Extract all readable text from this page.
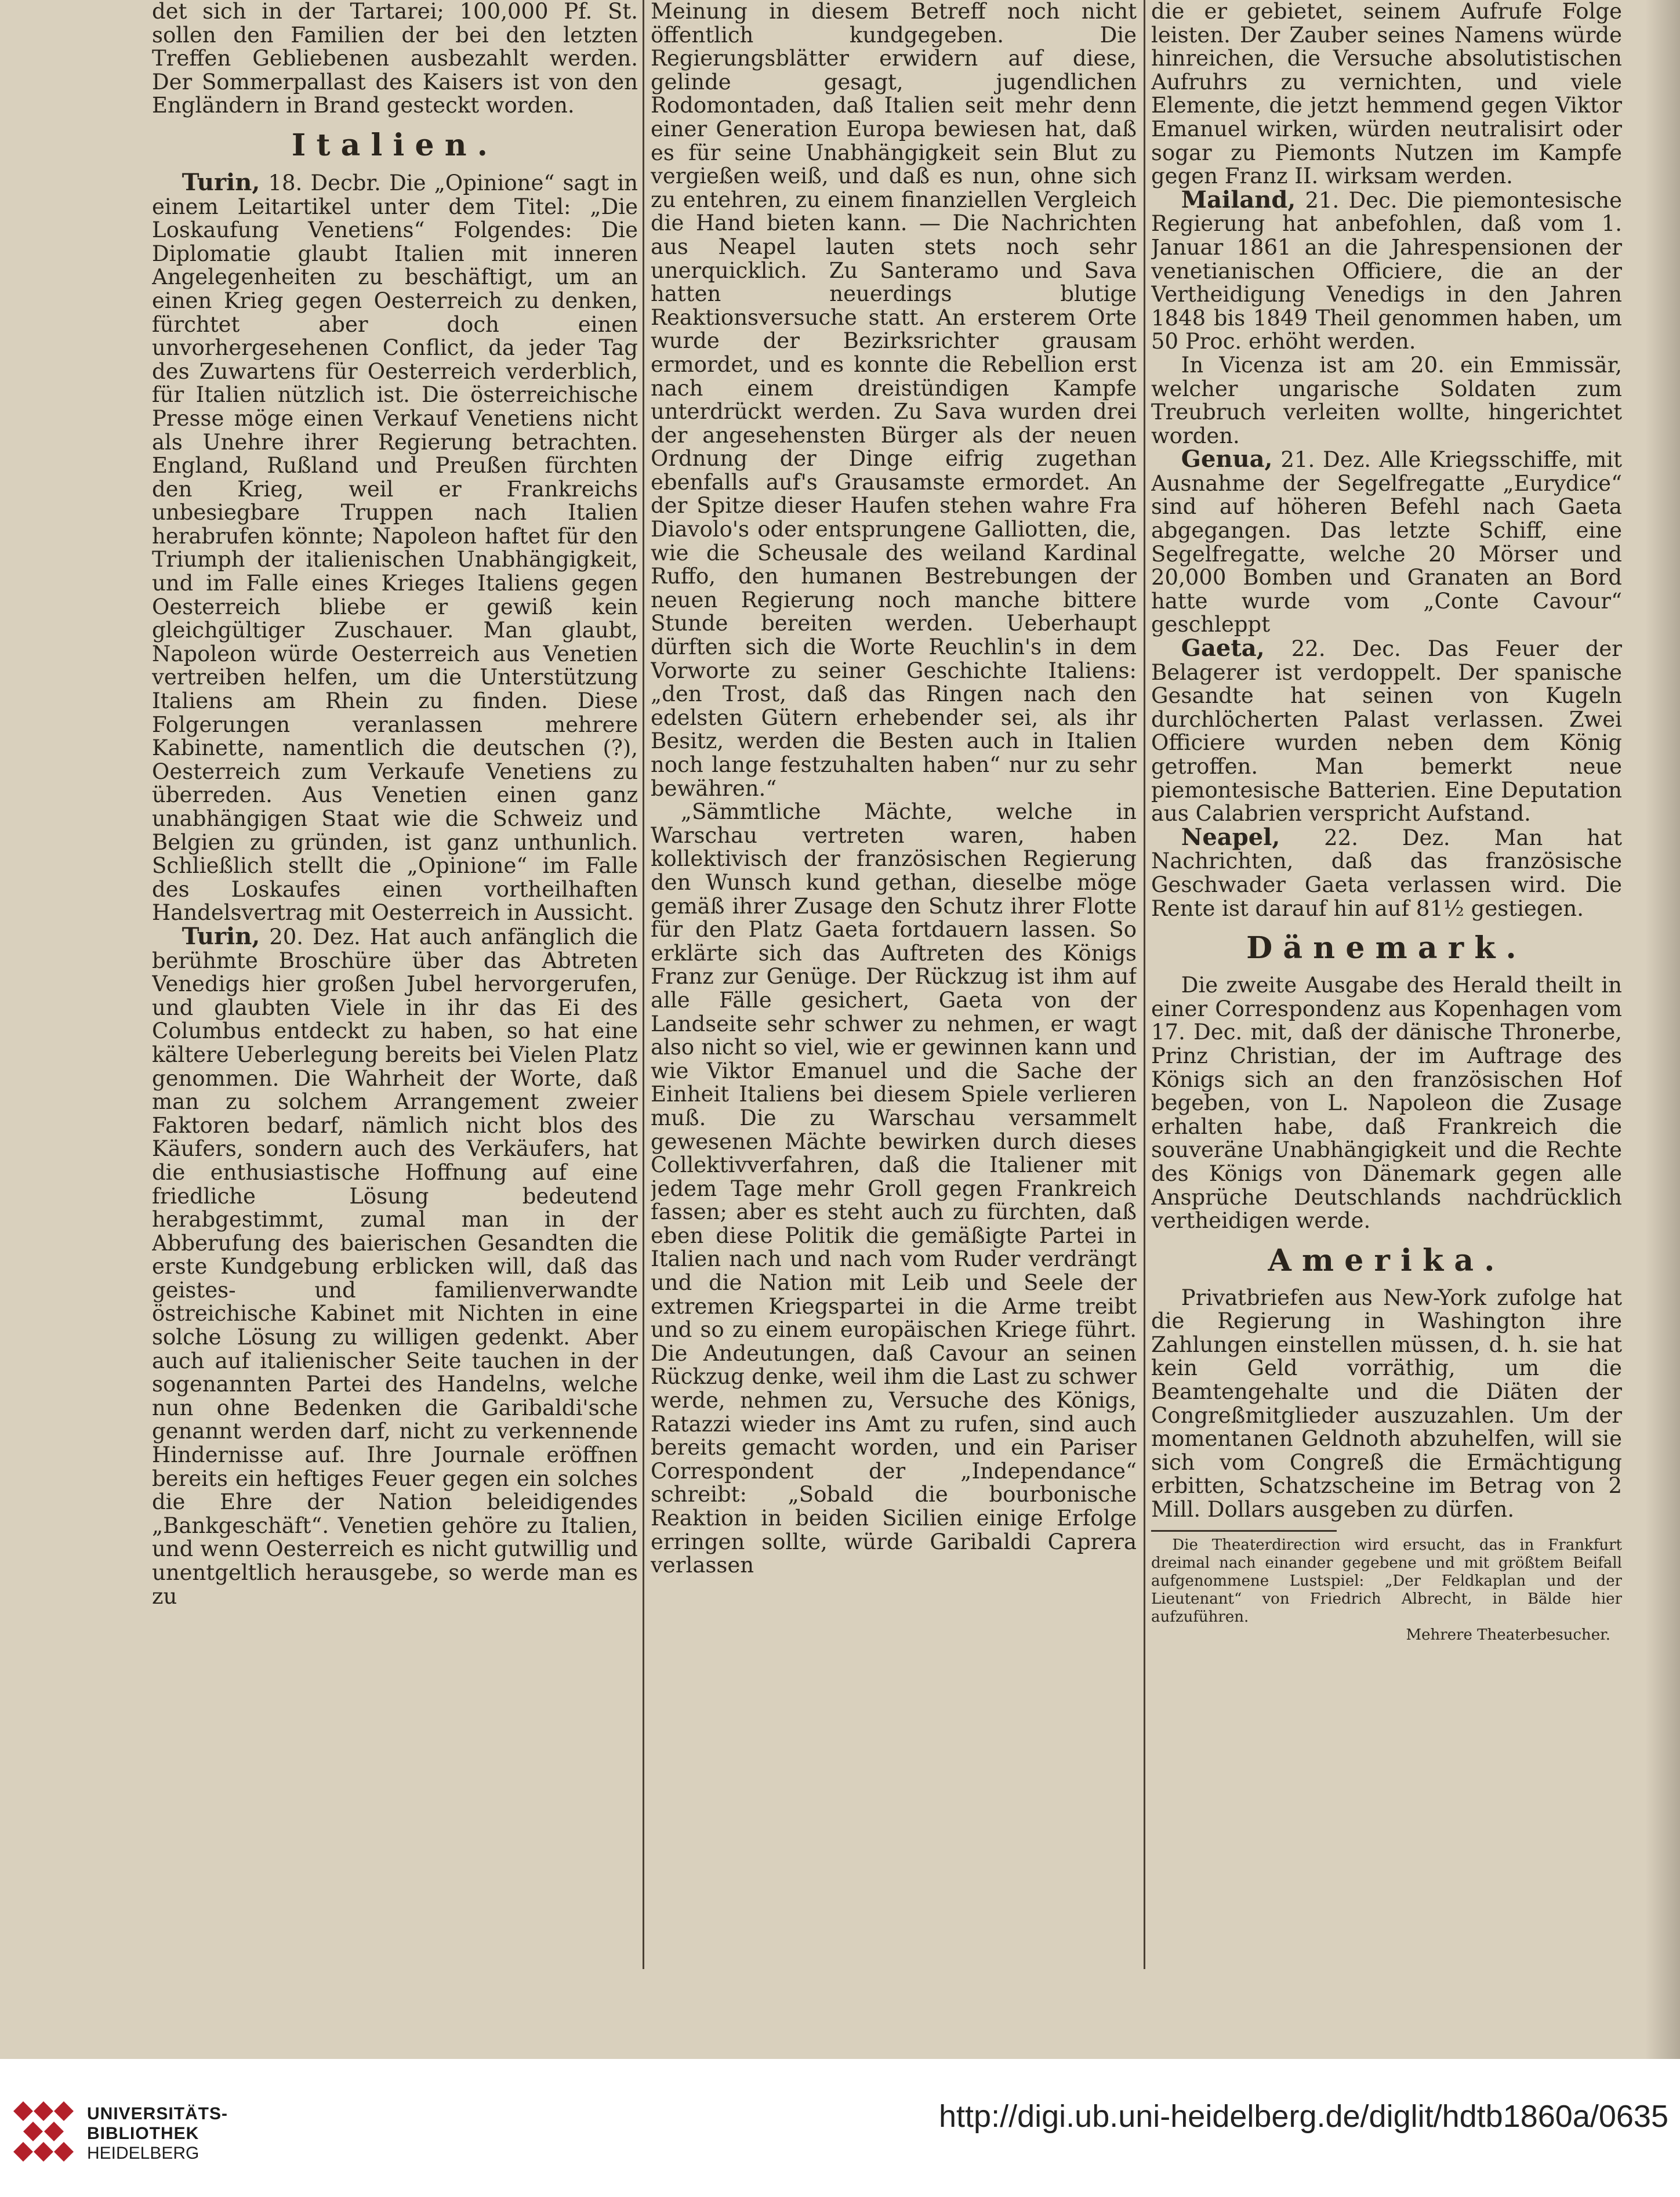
det sich in der Tartarei; 100,000 Pf. St. sollen den Familien der bei den letzten Treffen Gebliebenen ausbezahlt werden. Der Sommerpallast des Kaisers ist von den Engländern in Brand gesteckt worden.

Italien.

Turin, 18. Decbr. Die „Opinione“ sagt in einem Leitartikel unter dem Titel: „Die Loskaufung Venetiens“ Folgendes: Die Diplomatie glaubt Italien mit inneren Angelegenheiten zu beschäftigt, um an einen Krieg gegen Oesterreich zu denken, fürchtet aber doch einen unvorhergesehenen Conflict, da jeder Tag des Zuwartens für Oesterreich verderblich, für Italien nützlich ist. Die österreichische Presse möge einen Verkauf Venetiens nicht als Unehre ihrer Regierung betrachten. England, Rußland und Preußen fürchten den Krieg, weil er Frankreichs unbesiegbare Truppen nach Italien herabrufen könnte; Napoleon haftet für den Triumph der italienischen Unabhängigkeit, und im Falle eines Krieges Italiens gegen Oesterreich bliebe er gewiß kein gleichgültiger Zuschauer. Man glaubt, Napoleon würde Oesterreich aus Venetien vertreiben helfen, um die Unterstützung Italiens am Rhein zu finden. Diese Folgerungen veranlassen mehrere Kabinette, namentlich die deutschen (?), Oesterreich zum Verkaufe Venetiens zu überreden. Aus Venetien einen ganz unabhängigen Staat wie die Schweiz und Belgien zu gründen, ist ganz unthunlich. Schließlich stellt die „Opinione“ im Falle des Loskaufes einen vortheilhaften Handelsvertrag mit Oesterreich in Aussicht.

Turin, 20. Dez. Hat auch anfänglich die berühmte Broschüre über das Abtreten Venedigs hier großen Jubel hervorgerufen, und glaubten Viele in ihr das Ei des Columbus entdeckt zu haben, so hat eine kältere Ueberlegung bereits bei Vielen Platz genommen. Die Wahrheit der Worte, daß man zu solchem Arrangement zweier Faktoren bedarf, nämlich nicht blos des Käufers, sondern auch des Verkäufers, hat die enthusiastische Hoffnung auf eine friedliche Lösung bedeutend herabgestimmt, zumal man in der Abberufung des baierischen Gesandten die erste Kundgebung erblicken will, daß das geistes- und familienverwandte östreichische Kabinet mit Nichten in eine solche Lösung zu willigen gedenkt. Aber auch auf italienischer Seite tauchen in der sogenannten Partei des Handelns, welche nun ohne Bedenken die Garibaldi'sche genannt werden darf, nicht zu verkennende Hindernisse auf. Ihre Journale eröffnen bereits ein heftiges Feuer gegen ein solches die Ehre der Nation beleidigendes „Bankgeschäft“. Venetien gehöre zu Italien, und wenn Oesterreich es nicht gutwillig und unentgeltlich herausgebe, so werde man es zu

Meinung in diesem Betreff noch nicht öffentlich kundgegeben. Die Regierungsblätter erwidern auf diese, gelinde gesagt, jugendlichen Rodomontaden, daß Italien seit mehr denn einer Generation Europa bewiesen hat, daß es für seine Unabhängigkeit sein Blut zu vergießen weiß, und daß es nun, ohne sich zu entehren, zu einem finanziellen Vergleich die Hand bieten kann. — Die Nachrichten aus Neapel lauten stets noch sehr unerquicklich. Zu Santeramo und Sava hatten neuerdings blutige Reaktionsversuche statt. An ersterem Orte wurde der Bezirksrichter grausam ermordet, und es konnte die Rebellion erst nach einem dreistündigen Kampfe unterdrückt werden. Zu Sava wurden drei der angesehensten Bürger als der neuen Ordnung der Dinge eifrig zugethan ebenfalls auf's Grausamste ermordet. An der Spitze dieser Haufen stehen wahre Fra Diavolo's oder entsprungene Galliotten, die, wie die Scheusale des weiland Kardinal Ruffo, den humanen Bestrebungen der neuen Regierung noch manche bittere Stunde bereiten werden. Ueberhaupt dürften sich die Worte Reuchlin's in dem Vorworte zu seiner Geschichte Italiens: „den Trost, daß das Ringen nach den edelsten Gütern erhebender sei, als ihr Besitz, werden die Besten auch in Italien noch lange festzuhalten haben“ nur zu sehr bewähren.“

„Sämmtliche Mächte, welche in Warschau vertreten waren, haben kollektivisch der französischen Regierung den Wunsch kund gethan, dieselbe möge gemäß ihrer Zusage den Schutz ihrer Flotte für den Platz Gaeta fortdauern lassen. So erklärte sich das Auftreten des Königs Franz zur Genüge. Der Rückzug ist ihm auf alle Fälle gesichert, Gaeta von der Landseite sehr schwer zu nehmen, er wagt also nicht so viel, wie er gewinnen kann und wie Viktor Emanuel und die Sache der Einheit Italiens bei diesem Spiele verlieren muß. Die zu Warschau versammelt gewesenen Mächte bewirken durch dieses Collektivverfahren, daß die Italiener mit jedem Tage mehr Groll gegen Frankreich fassen; aber es steht auch zu fürchten, daß eben diese Politik die gemäßigte Partei in Italien nach und nach vom Ruder verdrängt und die Nation mit Leib und Seele der extremen Kriegspartei in die Arme treibt und so zu einem europäischen Kriege führt. Die Andeutungen, daß Cavour an seinen Rückzug denke, weil ihm die Last zu schwer werde, nehmen zu, Versuche des Königs, Ratazzi wieder ins Amt zu rufen, sind auch bereits gemacht worden, und ein Pariser Correspondent der „Independance“ schreibt: „Sobald die bourbonische Reaktion in beiden Sicilien einige Erfolge erringen sollte, würde Garibaldi Caprera verlassen

die er gebietet, seinem Aufrufe Folge leisten. Der Zauber seines Namens würde hinreichen, die Versuche absolutistischen Aufruhrs zu vernichten, und viele Elemente, die jetzt hemmend gegen Viktor Emanuel wirken, würden neutralisirt oder sogar zu Piemonts Nutzen im Kampfe gegen Franz II. wirksam werden.

Mailand, 21. Dec. Die piemontesische Regierung hat anbefohlen, daß vom 1. Januar 1861 an die Jahrespensionen der venetianischen Officiere, die an der Vertheidigung Venedigs in den Jahren 1848 bis 1849 Theil genommen haben, um 50 Proc. erhöht werden.

In Vicenza ist am 20. ein Emmissär, welcher ungarische Soldaten zum Treubruch verleiten wollte, hingerichtet worden.

Genua, 21. Dez. Alle Kriegsschiffe, mit Ausnahme der Segelfregatte „Eurydice“ sind auf höheren Befehl nach Gaeta abgegangen. Das letzte Schiff, eine Segelfregatte, welche 20 Mörser und 20,000 Bomben und Granaten an Bord hatte wurde vom „Conte Cavour“ geschleppt

Gaeta, 22. Dec. Das Feuer der Belagerer ist verdoppelt. Der spanische Gesandte hat seinen von Kugeln durchlöcherten Palast verlassen. Zwei Officiere wurden neben dem König getroffen. Man bemerkt neue piemontesische Batterien. Eine Deputation aus Calabrien verspricht Aufstand.

Neapel, 22. Dez. Man hat Nachrichten, daß das französische Geschwader Gaeta verlassen wird. Die Rente ist darauf hin auf 81½ gestiegen.

Dänemark.

Die zweite Ausgabe des Herald theilt in einer Correspondenz aus Kopenhagen vom 17. Dec. mit, daß der dänische Thronerbe, Prinz Christian, der im Auftrage des Königs sich an den französischen Hof begeben, von L. Napoleon die Zusage erhalten habe, daß Frankreich die souveräne Unabhängigkeit und die Rechte des Königs von Dänemark gegen alle Ansprüche Deutschlands nachdrücklich vertheidigen werde.

Amerika.

Privatbriefen aus New-York zufolge hat die Regierung in Washington ihre Zahlungen einstellen müssen, d. h. sie hat kein Geld vorräthig, um die Beamtengehalte und die Diäten der Congreßmitglieder auszuzahlen. Um der momentanen Geldnoth abzuhelfen, will sie sich vom Congreß die Ermächtigung erbitten, Schatzscheine im Betrag von 2 Mill. Dollars ausgeben zu dürfen.

Die Theaterdirection wird ersucht, das in Frankfurt dreimal nach einander gegebene und mit größtem Beifall aufgenommene Lustspiel: „Der Feldkaplan und der Lieutenant“ von Friedrich Albrecht, in Bälde hier aufzuführen.

Mehrere Theaterbesucher.

UNIVERSITÄTS-
BIBLIOTHEK
HEIDELBERG
http://digi.ub.uni-heidelberg.de/diglit/hdtb1860a/0635
